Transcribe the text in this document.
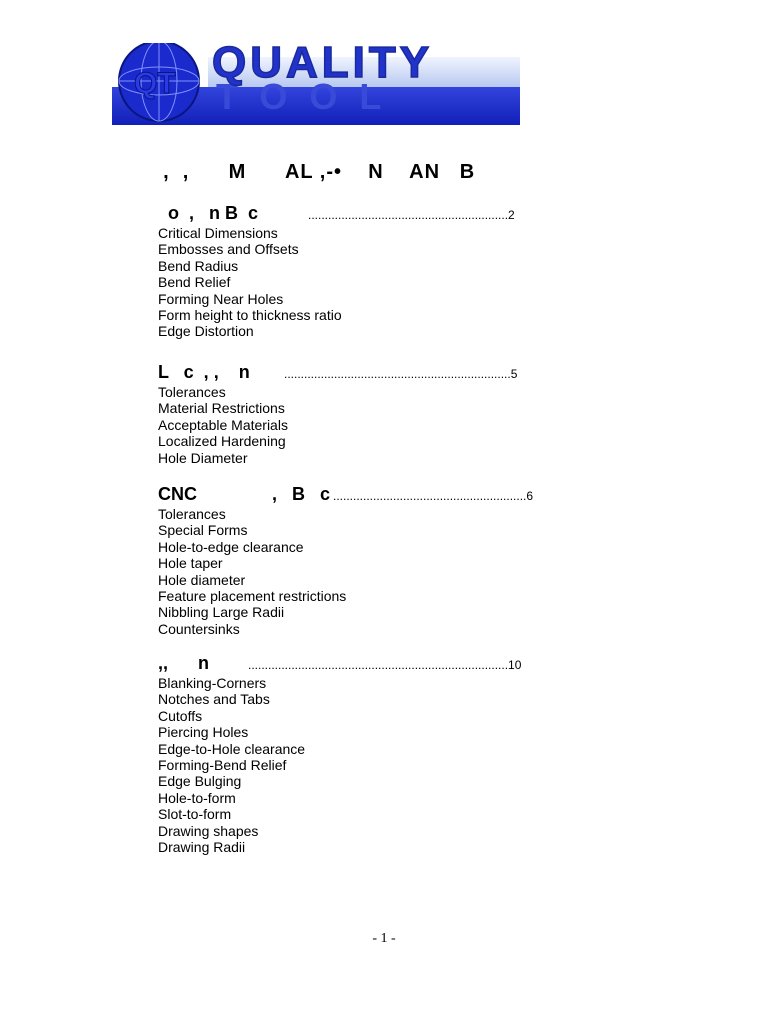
TOOL
QT QUALITY
,  ,      M      AL ,-•    N    AN   B
o  ,   n B  c	............................................................2
Critical Dimensions
Embosses and Offsets
Bend Radius
Bend Relief
Forming Near Holes
Form height to thickness ratio
Edge Distortion
L   c  , ,    n	....................................................................5
Tolerances
Material Restrictions
Acceptable Materials
Localized Hardening
Hole Diameter
CNC               ,   B   c ..........................................................6
Tolerances
Special Forms
Hole-to-edge clearance
Hole taper
Hole diameter
Feature placement restrictions
Nibbling Large Radii
Countersinks
,,      n	..............................................................................10
Blanking-Corners
Notches and Tabs
Cutoffs
Piercing Holes
Edge-to-Hole clearance
Forming-Bend Relief
Edge Bulging
Hole-to-form
Slot-to-form
Drawing shapes
Drawing Radii
- 1 -
